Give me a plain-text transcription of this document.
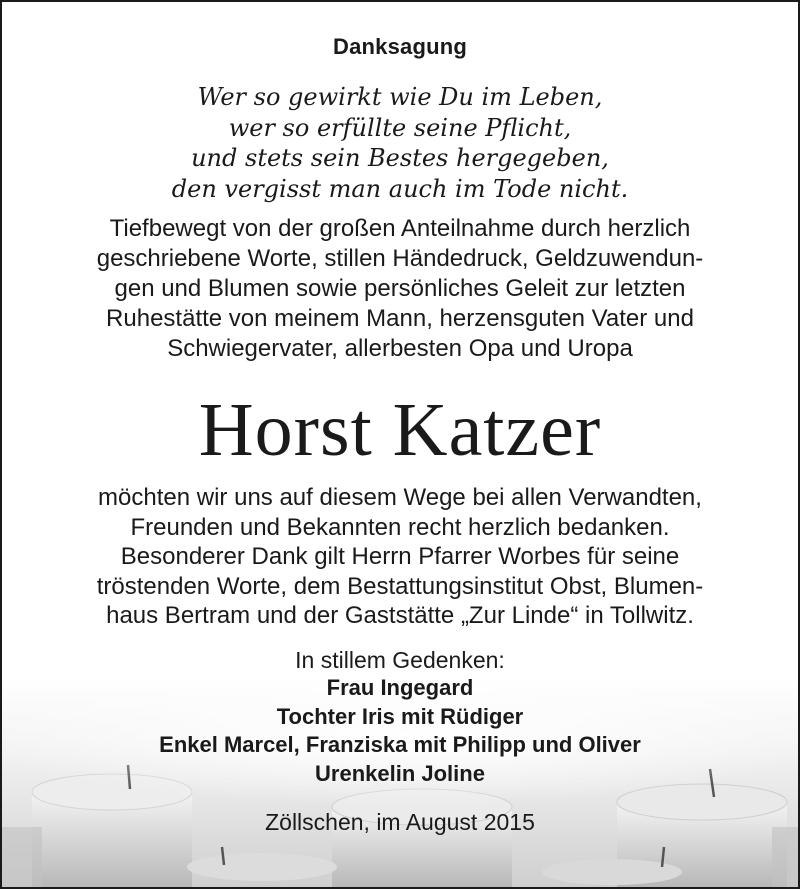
Danksagung
Wer so gewirkt wie Du im Leben,
wer so erfüllte seine Pflicht,
und stets sein Bestes hergegeben,
den vergisst man auch im Tode nicht.
Tiefbewegt von der großen Anteilnahme durch herzlich
geschriebene Worte, stillen Händedruck, Geldzuwendun-
gen und Blumen sowie persönliches Geleit zur letzten
Ruhestätte von meinem Mann, herzensguten Vater und
Schwiegervater, allerbesten Opa und Uropa
Horst Katzer
möchten wir uns auf diesem Wege bei allen Verwandten,
Freunden und Bekannten recht herzlich bedanken.
Besonderer Dank gilt Herrn Pfarrer Worbes für seine
tröstenden Worte, dem Bestattungsinstitut Obst, Blumen-
haus Bertram und der Gaststätte „Zur Linde“ in Tollwitz.
In stillem Gedenken:
Frau Ingegard
Tochter Iris mit Rüdiger
Enkel Marcel, Franziska mit Philipp und Oliver
Urenkelin Joline
Zöllschen, im August 2015
